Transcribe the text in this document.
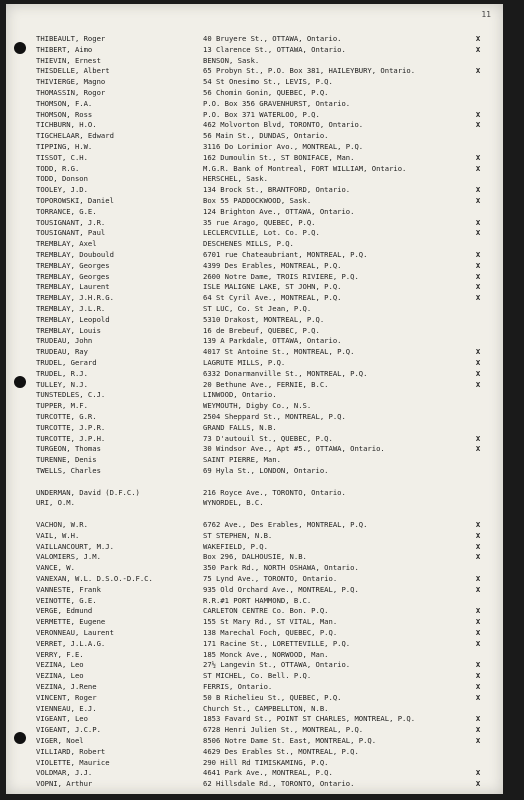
11
THIBEAULT, Roger	40 Bruyere St., OTTAWA, Ontario.	X
THIBERT, Aimo	13 Clarence St., OTTAWA, Ontario.	X
THIEVIN, Ernest	BENSON, Sask.
THISDELLE, Albert	65 Probyn St., P.O. Box 381, HAILEYBURY, Ontario.	X
THIVIERGE, Magno	54 St Onesimo St., LEVIS, P.Q.
THOMASSIN, Rogor	56 Chomin Gonin, QUEBEC, P.Q.
THOMSON, F.A.	P.O. Box 356 GRAVENHURST, Ontario.
THOMSON, Ross	P.O. Box 371 WATERLOO, P.Q.	X
TICHBURN, H.O.	462 Molvorton Blvd, TORONTO, Ontario.	X
TIGCHELAAR, Edward	56 Main St., DUNDAS, Ontario.
TIPPING, H.W.	3116 Do Lorimior Avo., MONTREAL, P.Q.
TISSOT, C.H.	162 Dumoulin St., ST BONIFACE, Man.	X
TODD, R.G.	M.G.R. Bank of Montreal, FORT WILLIAM, Ontario.	X
TODD, Donson	HERSCHEL, Sask.
TOOLEY, J.D.	134 Brock St., BRANTFORD, Ontario.	X
TOPOROWSKI, Daniel	Box 55 PADDOCKWOOD, Sask.	X
TORRANCE, G.E.	124 Brighton Ave., OTTAWA, Ontario.
TOUSIGNANT, J.R.	35 rue Arago, QUEBEC, P.Q.	X
TOUSIGNANT, Paul	LECLERCVILLE, Lot. Co. P.Q.	X
TREMBLAY, Axel	DESCHENES MILLS, P.Q.
TREMBLAY, Doubould	6701 rue Chateaubriant, MONTREAL, P.Q.	X
TREMBLAY, Georges	4399 Des Erables, MONTREAL, P.Q.	X
TREMBLAY, Georges	2600 Notre Dame, TROIS RIVIERE, P.Q.	X
TREMBLAY, Laurent	ISLE MALIGNE LAKE, ST JOHN, P.Q.	X
TREMBLAY, J.H.R.G.	64 St Cyril Ave., MONTREAL, P.Q.	X
TREMBLAY, J.L.R.	ST LUC, Co. St Jean, P.Q.
TREMBLAY, Leopold	5310 Drakost, MONTREAL, P.Q.
TREMBLAY, Louis	16 de Brebeuf, QUEBEC, P.Q.
TRUDEAU, John	139 A Parkdale, OTTAWA, Ontario.
TRUDEAU, Ray	4017 St Antoine St., MONTREAL, P.Q.	X
TRUDEL, Gerard	LAGRUTE MILLS, P.Q.	X
TRUDEL, R.J.	6332 Donarmanville St., MONTREAL, P.Q.	X
TULLEY, N.J.	20 Bethune Ave., FERNIE, B.C.	X
TUNSTEDLES, C.J.	LINWOOD, Ontario.
TUPPER, M.F.	WEYMOUTH, Digby Co., N.S.
TURCOTTE, G.R.	2504 Sheppard St., MONTREAL, P.Q.
TURCOTTE, J.P.R.	GRAND FALLS, N.B.
TURCOTTE, J.P.H.	73 D'autouil St., QUEBEC, P.Q.	X
TURGEON, Thomas	30 Windsor Ave., Apt #5., OTTAWA, Ontario.	X
TURENNE, Denis	SAINT PIERRE, Man.
TWELLS, Charles	69 Hyla St., LONDON, Ontario.
UNDERMAN, David (D.F.C.)	216 Royce Ave., TORONTO, Ontario.
URI, O.M.	WYNORDEL, B.C.
VACHON, W.R.	6762 Ave., Des Erables, MONTREAL, P.Q.	X
VAIL, W.H.	ST STEPHEN, N.B.	X
VAILLANCOURT, M.J.	WAKEFIELD, P.Q.	X
VALOMIERS, J.M.	Box 296, DALHOUSIE, N.B.	X
VANCE, W.	350 Park Rd., NORTH OSHAWA, Ontario.
VANEXAN, W.L. D.S.O.-D.F.C.	75 Lynd Ave., TORONTO, Ontario.	X
VANNESTE, Frank	935 Old Orchard Ave., MONTREAL, P.Q.	X
VEINOTTE, G.E.	R.R.#1 PORT HAMMOND, B.C.
VERGE, Edmund	CARLETON CENTRE Co. Bon. P.Q.	X
VERMETTE, Eugene	155 St Mary Rd., ST VITAL, Man.	X
VERONNEAU, Laurent	138 Marechal Foch, QUEBEC, P.Q.	X
VERRET, J.L.A.G.	171 Racine St., LORETTEVILLE, P.Q.	X
VERRY, F.E.	185 Monck Ave., NORWOOD, Man.
VEZINA, Leo	27½ Langevin St., OTTAWA, Ontario.	X
VEZINA, Leo	ST MICHEL, Co. Bell. P.Q.	X
VEZINA, J.Rene	FERRIS, Ontario.	X
VINCENT, Roger	50 B Richelieu St., QUEBEC, P.Q.	X
VIENNEAU, E.J.	Church St., CAMPBELLTON, N.B.
VIGEANT, Leo	1853 Favard St., POINT ST CHARLES, MONTREAL, P.Q.	X
VIGEANT, J.C.P.	6728 Henri Julien St., MONTREAL, P.Q.	X
VIGER, Noel	8506 Notre Dame St. East, MONTREAL, P.Q.	X
VILLIARD, Robert	4629 Des Erables St., MONTREAL, P.Q.
VIOLETTE, Maurice	290 Hill Rd TIMISKAMING, P.Q.
VOLDMAR, J.J.	4641 Park Ave., MONTREAL, P.Q.	X
VOPNI, Arthur	62 Hillsdale Rd., TORONTO, Ontario.	X
